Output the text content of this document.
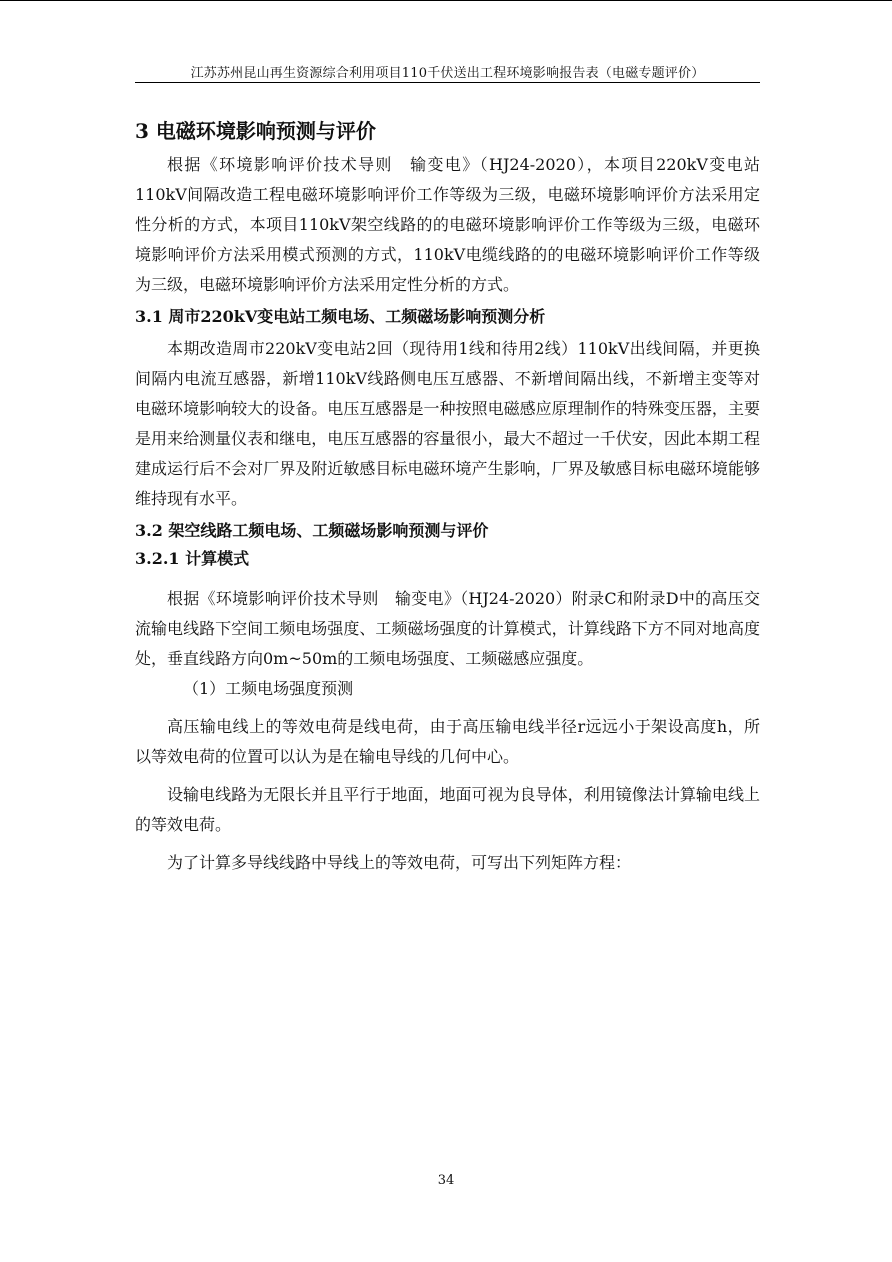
江苏苏州昆山再生资源综合利用项目110千伏送出工程环境影响报告表（电磁专题评价）
3 电磁环境影响预测与评价

根据《环境影响评价技术导则　输变电》（HJ24-2020），本项目220kV变电站110kV间隔改造工程电磁环境影响评价工作等级为三级，电磁环境影响评价方法采用定性分析的方式，本项目110kV架空线路的的电磁环境影响评价工作等级为三级，电磁环境影响评价方法采用模式预测的方式，110kV电缆线路的的电磁环境影响评价工作等级为三级，电磁环境影响评价方法采用定性分析的方式。

3.1 周市220kV变电站工频电场、工频磁场影响预测分析

本期改造周市220kV变电站2回（现待用1线和待用2线）110kV出线间隔，并更换间隔内电流互感器，新增110kV线路侧电压互感器、不新增间隔出线，不新增主变等对电磁环境影响较大的设备。电压互感器是一种按照电磁感应原理制作的特殊变压器，主要是用来给测量仪表和继电，电压互感器的容量很小，最大不超过一千伏安，因此本期工程建成运行后不会对厂界及附近敏感目标电磁环境产生影响，厂界及敏感目标电磁环境能够维持现有水平。

3.2 架空线路工频电场、工频磁场影响预测与评价
3.2.1 计算模式

根据《环境影响评价技术导则　输变电》（HJ24-2020）附录C和附录D中的高压交流输电线路下空间工频电场强度、工频磁场强度的计算模式，计算线路下方不同对地高度处，垂直线路方向0m~50m的工频电场强度、工频磁感应强度。

（1）工频电场强度预测

高压输电线上的等效电荷是线电荷，由于高压输电线半径r远远小于架设高度h，所以等效电荷的位置可以认为是在输电导线的几何中心。

设输电线路为无限长并且平行于地面，地面可视为良导体，利用镜像法计算输电线上的等效电荷。

为了计算多导线线路中导线上的等效电荷，可写出下列矩阵方程：

34
